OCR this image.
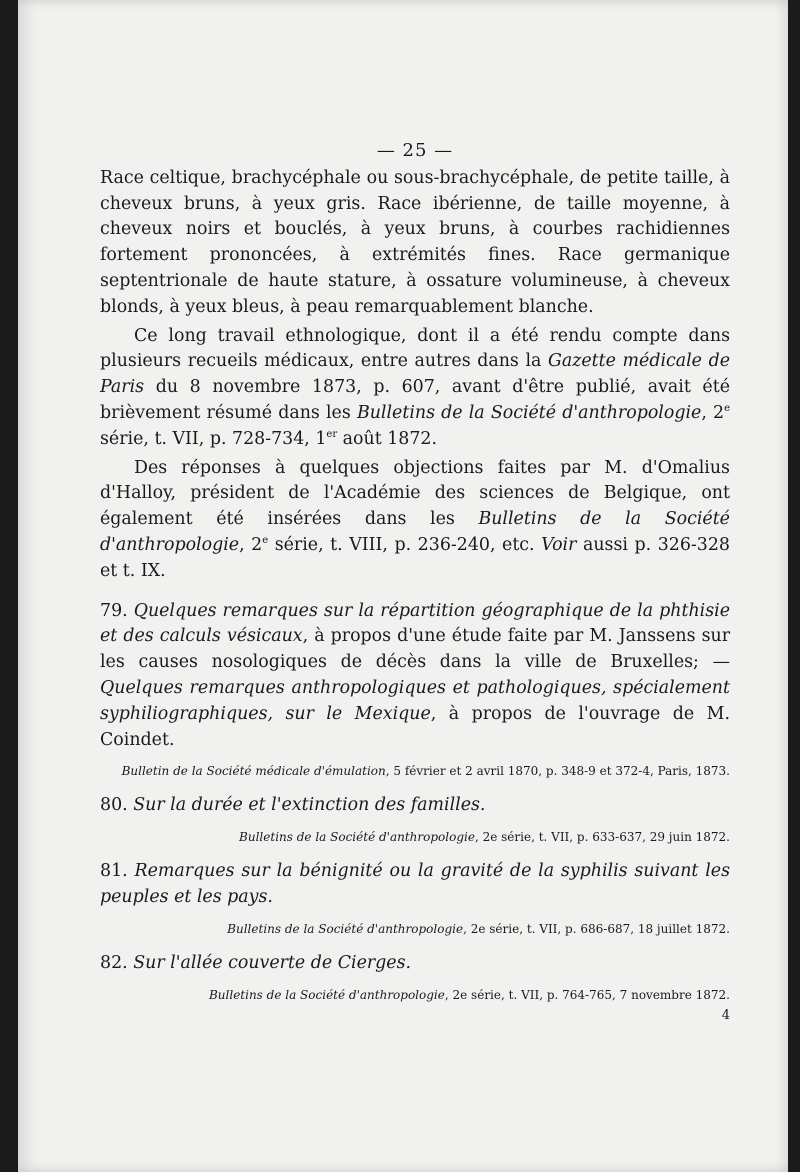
— 25 —

Race celtique, brachycéphale ou sous-brachycéphale, de petite taille, à cheveux bruns, à yeux gris. Race ibérienne, de taille moyenne, à cheveux noirs et bouclés, à yeux bruns, à courbes rachidiennes fortement prononcées, à extrémités fines. Race germanique septentrionale de haute stature, à ossature volumineuse, à cheveux blonds, à yeux bleus, à peau remarquablement blanche.

Ce long travail ethnologique, dont il a été rendu compte dans plusieurs recueils médicaux, entre autres dans la Gazette médicale de Paris du 8 novembre 1873, p. 607, avant d'être publié, avait été brièvement résumé dans les Bulletins de la Société d'anthropologie, 2e série, t. VII, p. 728-734, 1er août 1872.

Des réponses à quelques objections faites par M. d'Omalius d'Halloy, président de l'Académie des sciences de Belgique, ont également été insérées dans les Bulletins de la Société d'anthropologie, 2e série, t. VIII, p. 236-240, etc. Voir aussi p. 326-328 et t. IX.

79. Quelques remarques sur la répartition géographique de la phthisie et des calculs vésicaux, à propos d'une étude faite par M. Janssens sur les causes nosologiques de décès dans la ville de Bruxelles; — Quelques remarques anthropologiques et pathologiques, spécialement syphiliographiques, sur le Mexique, à propos de l'ouvrage de M. Coindet.

Bulletin de la Société médicale d'émulation, 5 février et 2 avril 1870, p. 348-9 et 372-4, Paris, 1873.

80. Sur la durée et l'extinction des familles.

Bulletins de la Société d'anthropologie, 2e série, t. VII, p. 633-637, 29 juin 1872.

81. Remarques sur la bénignité ou la gravité de la syphilis suivant les peuples et les pays.

Bulletins de la Société d'anthropologie, 2e série, t. VII, p. 686-687, 18 juillet 1872.

82. Sur l'allée couverte de Cierges.

Bulletins de la Société d'anthropologie, 2e série, t. VII, p. 764-765, 7 novembre 1872.
4
